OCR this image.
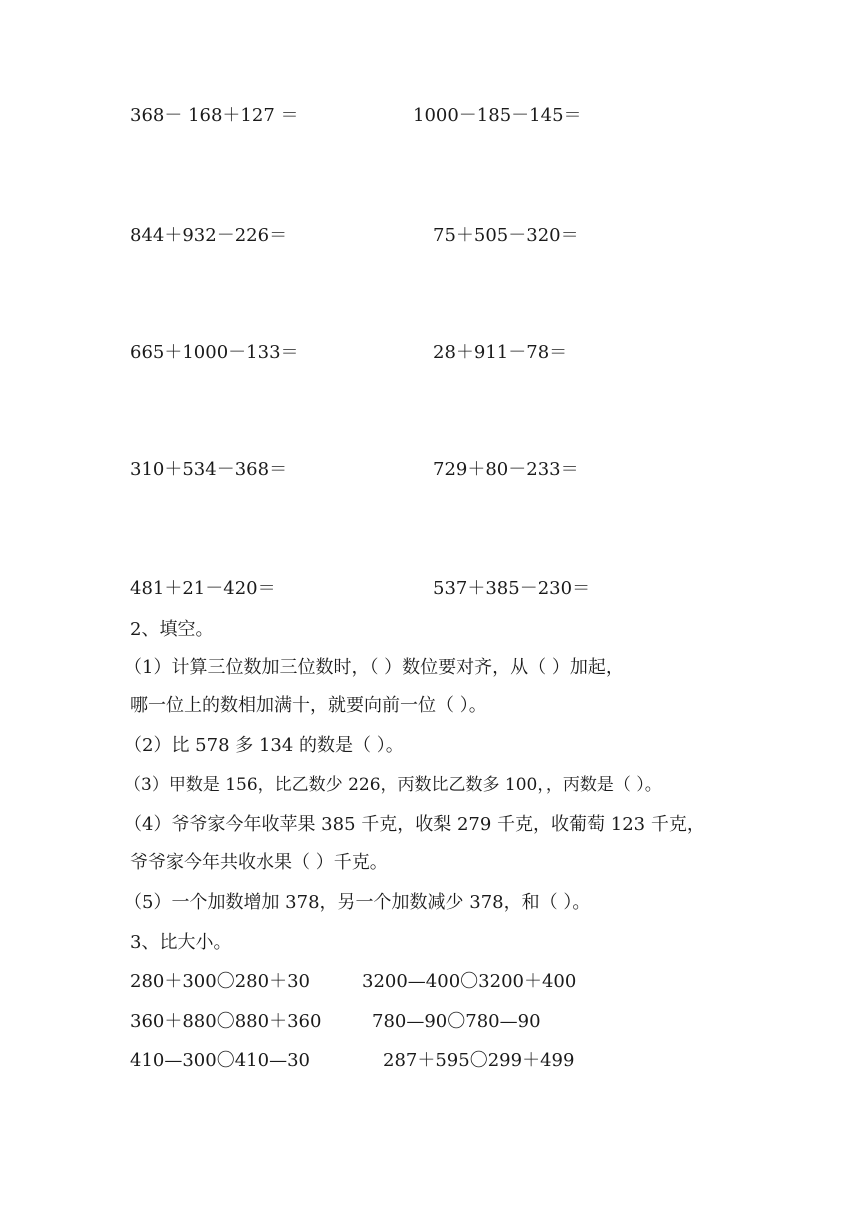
368－ 168＋127 ＝	1000－185－145＝
844＋932－226＝	75＋505－320＝
665＋1000－133＝	28＋911－78＝
310＋534－368＝	729＋80－233＝
481＋21－420＝	537＋385－230＝
2、填空。
（1）计算三位数加三位数时，（ ）数位要对齐，从（ ）加起，
哪一位上的数相加满十，就要向前一位（ ）。
（2）比 578 多 134 的数是（ ）。
（3）甲数是 156，比乙数少 226，丙数比乙数多 100，，丙数是（ ）。
（4）爷爷家今年收苹果 385 千克，收梨 279 千克，收葡萄 123 千克，
爷爷家今年共收水果（ ）千克。
（5）一个加数增加 378，另一个加数减少 378，和（ ）。
3、比大小。
280＋300〇280＋30	3200—400〇3200＋400
360＋880〇880＋360	780—90〇780—90
410—300〇410—30	287＋595〇299＋499
